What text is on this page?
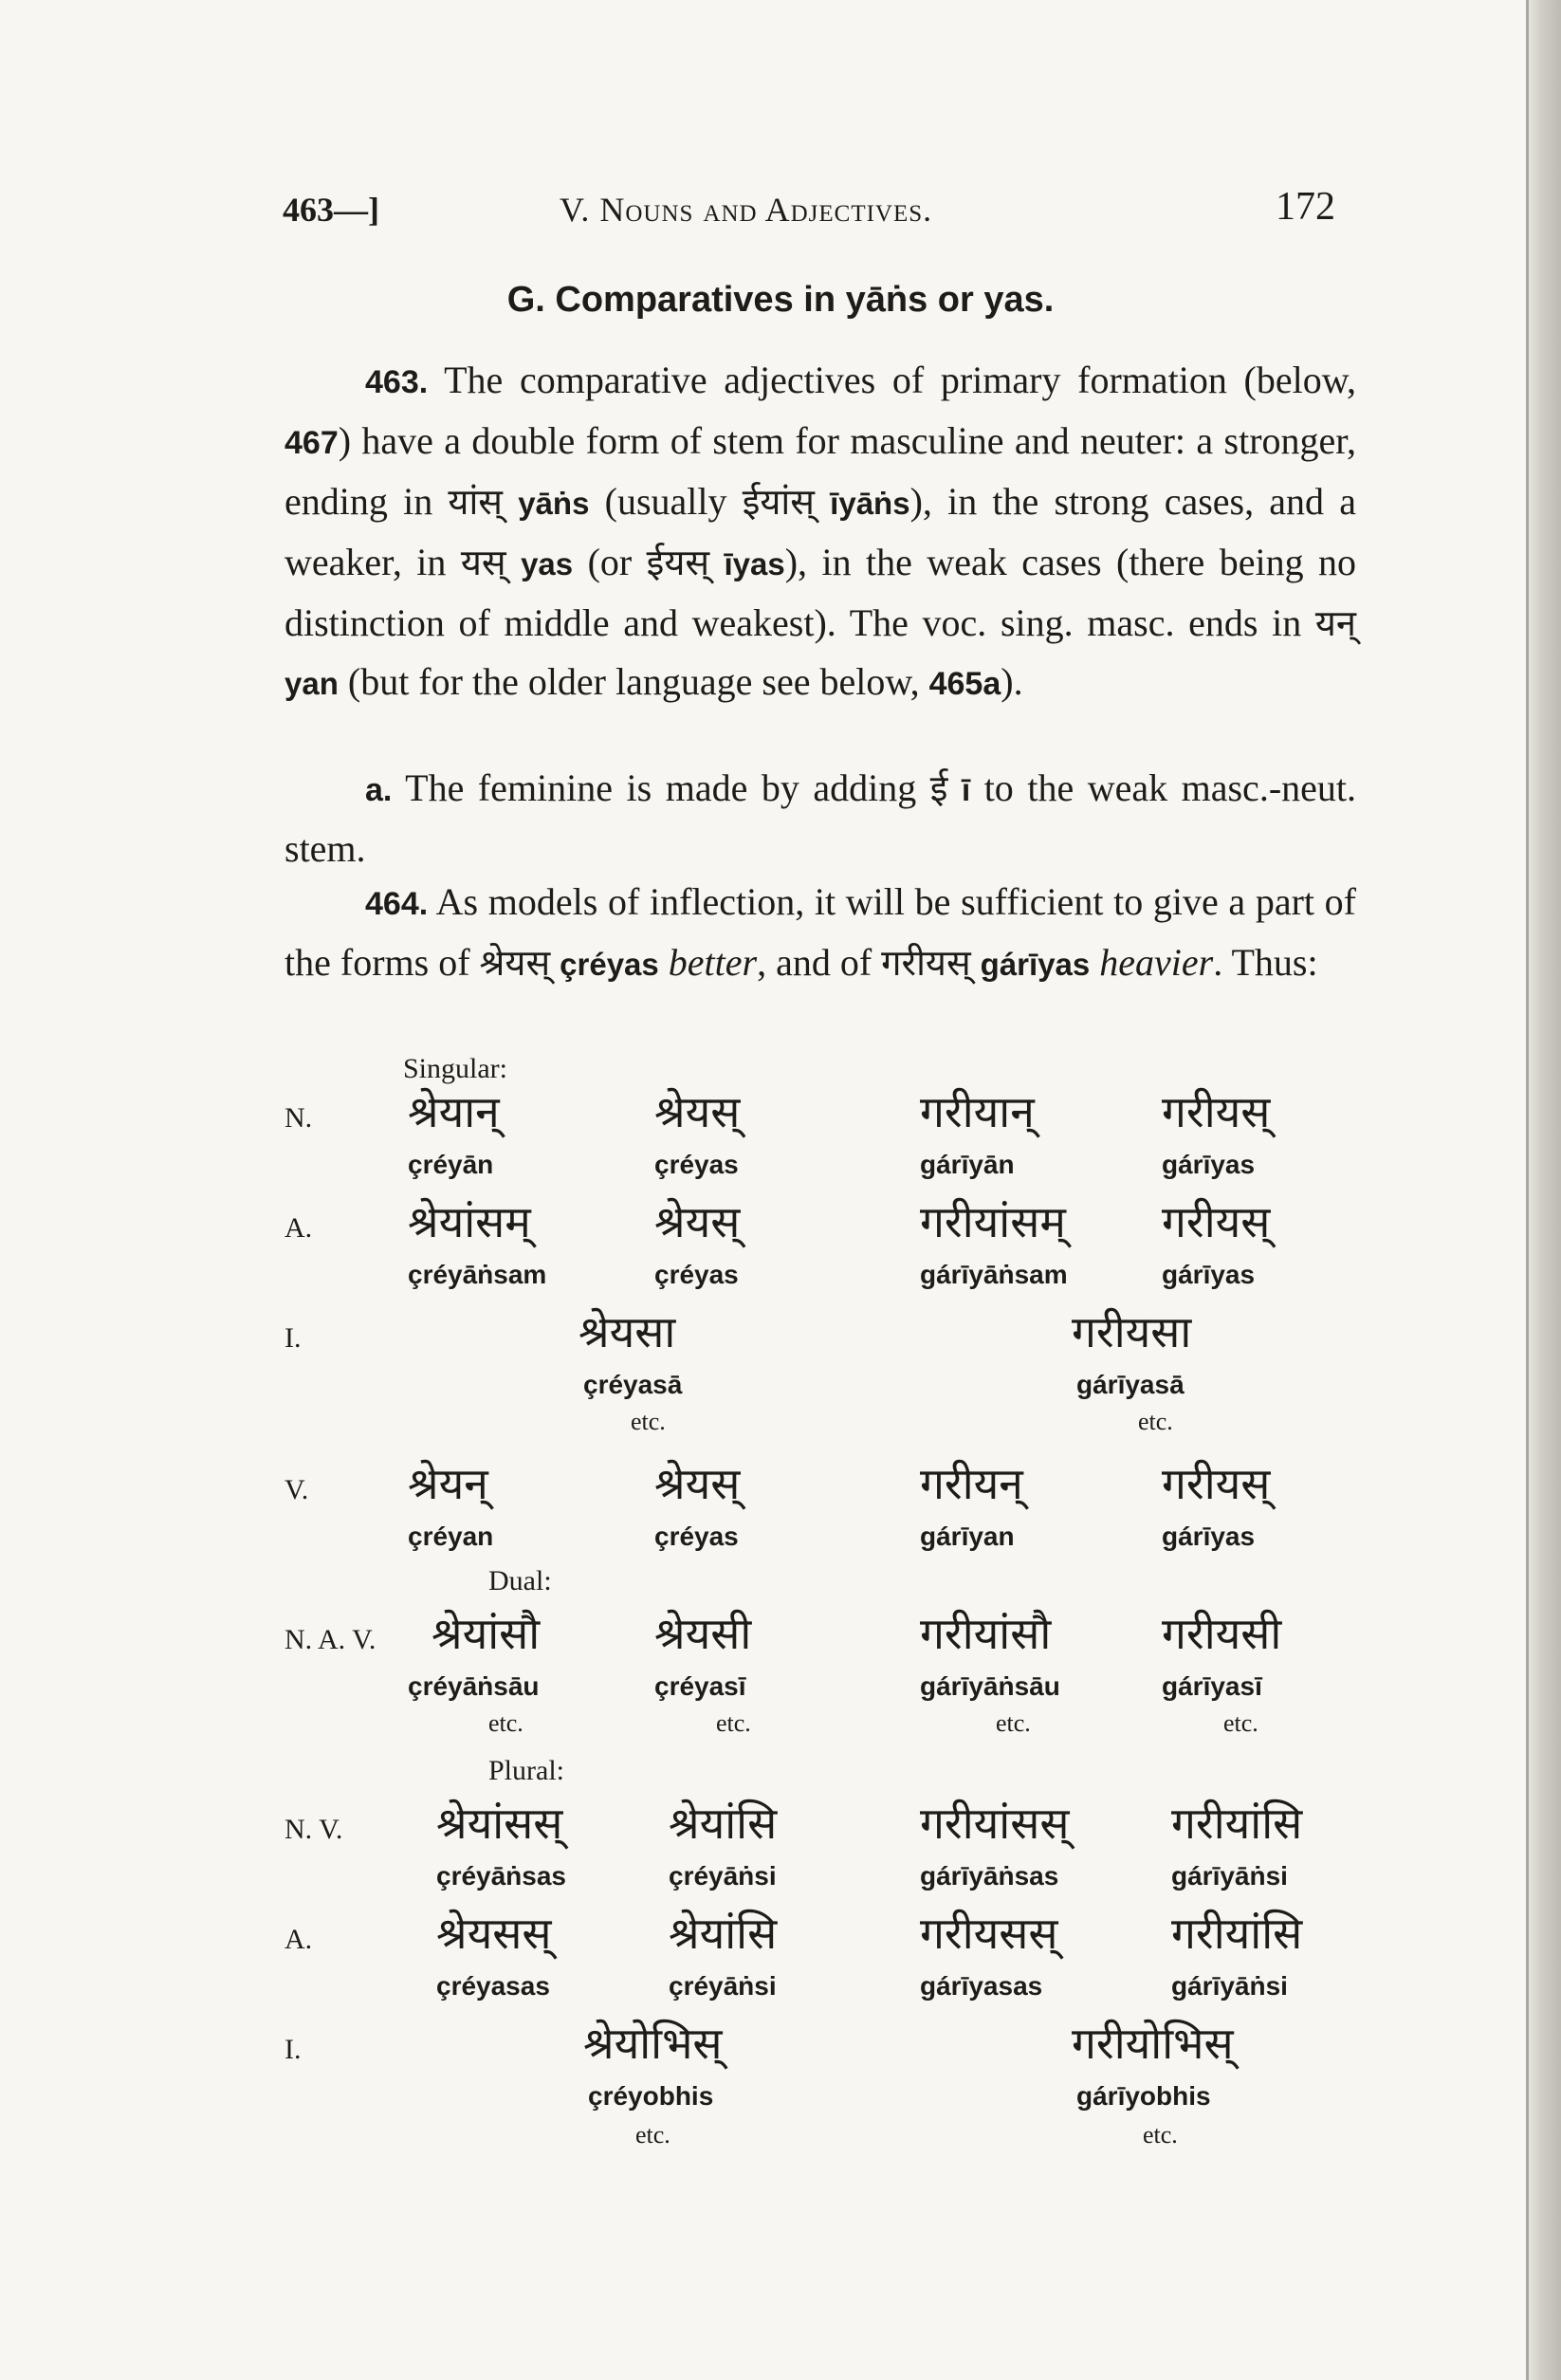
463—]	V. Nouns and Adjectives.	172
G. Comparatives in yāṅs or yas.
463. The comparative adjectives of primary formation (below, 467) have a double form of stem for masculine and neuter: a stronger, ending in यांस् yāṅs (usually ईयांस् īyāṅs), in the strong cases, and a weaker, in यस् yas (or ईयस् īyas), in the weak cases (there being no distinction of middle and weakest). The voc. sing. masc. ends in यन् yan (but for the older language see below, 465a).
a. The feminine is made by adding ई ī to the weak masc.-neut. stem.
464. As models of inflection, it will be sufficient to give a part of the forms of श्रेयस् çréyas better, and of गरीयस् gárīyas heavier. Thus:
Singular:
N. श्रेयान्	श्रेयस्	गरीयान्	गरीयस्
çréyān	çréyas	gárīyān	gárīyas
A. श्रेयांसम्	श्रेयस्	गरीयांसम् गरीयस्
çréyāṅsam	çréyas	gárīyāṅsam	gárīyas
I.	श्रेयसा	गरीयसा
çréyasā	gárīyasā
etc.	etc.
V. श्रेयन्	श्रेयस्	गरीयन्	गरीयस्
çréyan	çréyas	gárīyan	gárīyas
Dual:
N. A. V. श्रेयांसौ	श्रेयसी	गरीयांसौ	गरीयसी
çréyāṅsāu	çréyasī	gárīyāṅsāu	gárīyasī
etc.	etc.	etc.	etc.
Plural:
N. V. श्रेयांसस् श्रेयांसि	गरीयांसस् गरीयांसि
çréyāṅsas	çréyāṅsi	gárīyāṅsas	gárīyāṅsi
A.	श्रेयसस्	श्रेयांसि	गरीयसस्	गरीयांसि
çréyasas	çréyāṅsi	gárīyasas	gárīyāṅsi
I.	श्रेयोभिस्	गरीयोभिस्
çréyobhis	gárīyobhis
etc.	etc.
